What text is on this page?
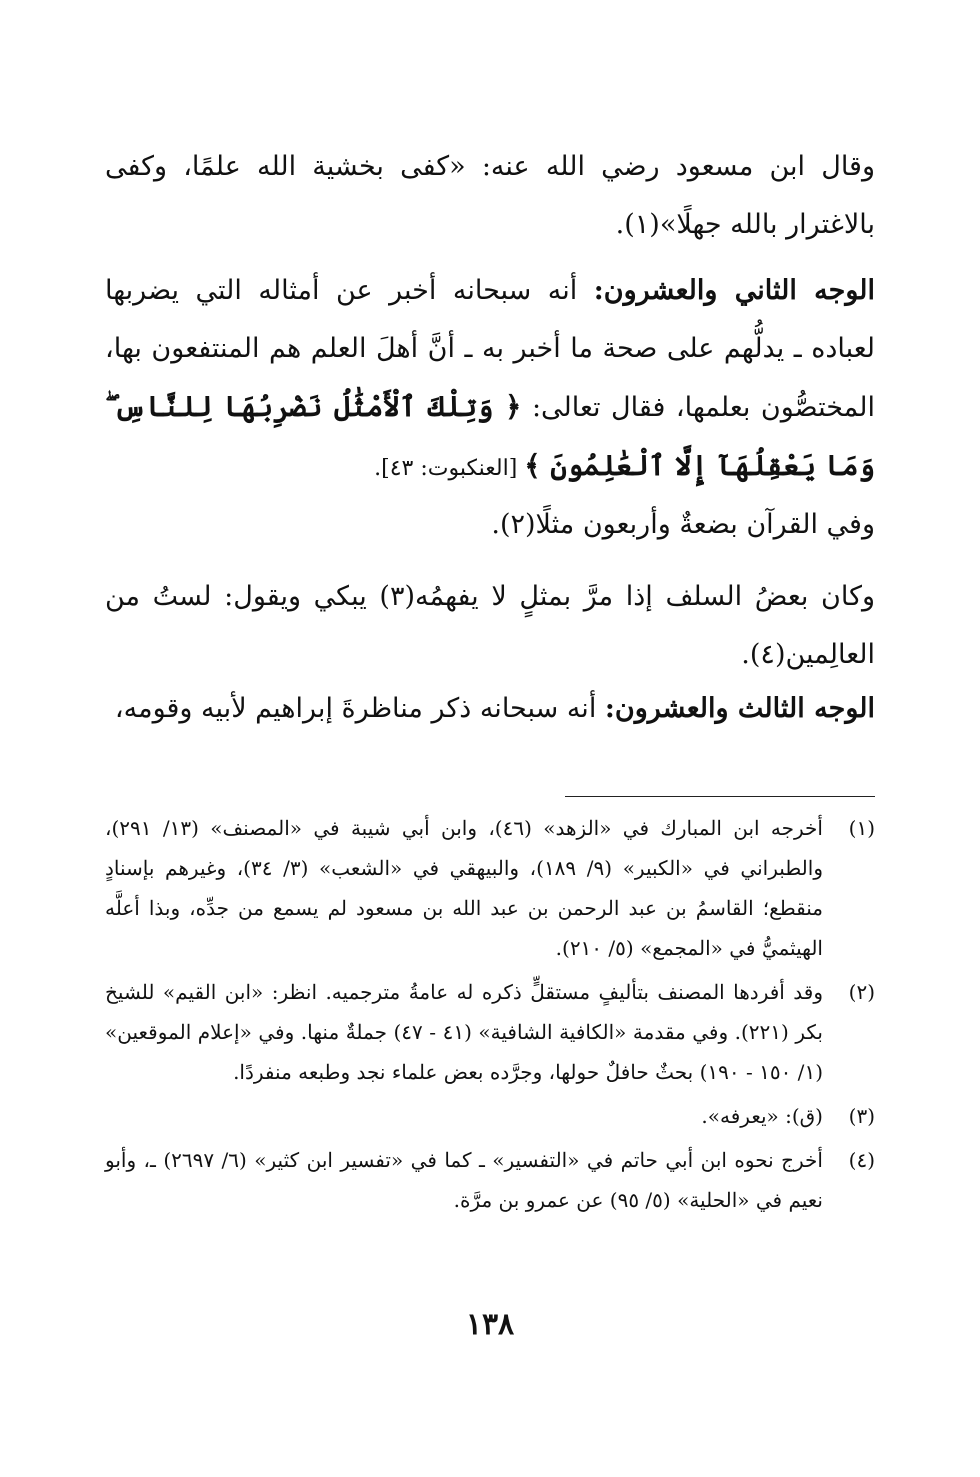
وقال ابن مسعود رضي الله عنه: «كفى بخشية الله علمًا، وكفى بالاغترار بالله جهلًا»(١).

الوجه الثاني والعشرون: أنه سبحانه أخبر عن أمثاله التي يضربها لعباده ـ يدلُّهم على صحة ما أخبر به ـ أنَّ أهلَ العلم هم المنتفعون بها، المختصُّون بعلمها، فقال تعالى: ﴿ وَتِلْكَ ٱلْأَمْثَٰلُ نَضْرِبُهَا لِلنَّاسِ ۖ وَمَا يَعْقِلُهَآ إِلَّا ٱلْعَٰلِمُونَ ﴾ [العنكبوت: ٤٣].

وفي القرآن بضعةٌ وأربعون مثلًا(٢).

وكان بعضُ السلف إذا مرَّ بمثلٍ لا يفهمُه(٣) يبكي ويقول: لستُ من العالِمين(٤).

الوجه الثالث والعشرون: أنه سبحانه ذكر مناظرةَ إبراهيم لأبيه وقومه،

(١)
أخرجه ابن المبارك في «الزهد» (٤٦)، وابن أبي شيبة في «المصنف» (١٣/ ٢٩١)، والطبراني في «الكبير» (٩/ ١٨٩)، والبيهقي في «الشعب» (٣/ ٣٤)، وغيرهم بإسنادٍ منقطع؛ القاسمُ بن عبد الرحمن بن عبد الله بن مسعود لم يسمع من جدِّه، وبذا أعلَّه الهيثميُّ في «المجمع» (٥/ ٢١٠).
(٢)
وقد أفردها المصنف بتأليفٍ مستقلٍّ ذكره له عامةُ مترجميه. انظر: «ابن القيم» للشيخ بكر (٢٢١). وفي مقدمة «الكافية الشافية» (٤١ - ٤٧) جملةٌ منها. وفي «إعلام الموقعين» (١/ ١٥٠ - ١٩٠) بحثٌ حافلٌ حولها، وجرَّده بعض علماء نجد وطبعه منفردًا.
(٣)
(ق): «يعرفه».
(٤)
أخرج نحوه ابن أبي حاتم في «التفسير» ـ كما في «تفسير ابن كثير» (٦/ ٢٦٩٧) ـ، وأبو نعيم في «الحلية» (٥/ ٩٥) عن عمرو بن مرَّة.
١٣٨
